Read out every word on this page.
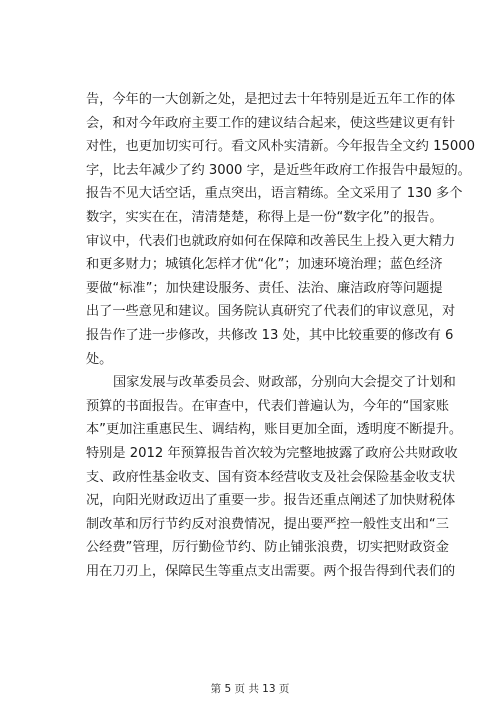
告，今年的一大创新之处，是把过去十年特别是近五年工作的体
会，和对今年政府主要工作的建议结合起来，使这些建议更有针
对性，也更加切实可行。看文风朴实清新。今年报告全文约 15000
字，比去年减少了约 3000 字，是近些年政府工作报告中最短的。
报告不见大话空话，重点突出，语言精练。全文采用了 130 多个
数字，实实在在，清清楚楚，称得上是一份“数字化”的报告。
审议中，代表们也就政府如何在保障和改善民生上投入更大精力
和更多财力；城镇化怎样才优“化”；加速环境治理；蓝色经济
要做“标准”；加快建设服务、责任、法治、廉洁政府等问题提
出了一些意见和建议。国务院认真研究了代表们的审议意见，对
报告作了进一步修改，共修改 13 处，其中比较重要的修改有 6
处。
国家发展与改革委员会、财政部，分别向大会提交了计划和
预算的书面报告。在审查中，代表们普遍认为，今年的“国家账
本”更加注重惠民生、调结构，账目更加全面，透明度不断提升。
特别是 2012 年预算报告首次较为完整地披露了政府公共财政收
支、政府性基金收支、国有资本经营收支及社会保险基金收支状
况，向阳光财政迈出了重要一步。报告还重点阐述了加快财税体
制改革和厉行节约反对浪费情况，提出要严控一般性支出和“三
公经费”管理，厉行勤俭节约、防止铺张浪费，切实把财政资金
用在刀刃上，保障民生等重点支出需要。两个报告得到代表们的
第 5 页 共 13 页
